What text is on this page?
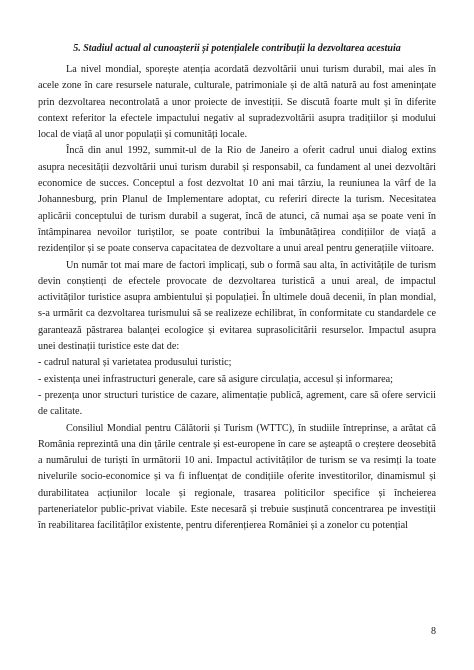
5. Stadiul actual al cunoașterii și potențialele contribuții la dezvoltarea acestuia

La nivel mondial, sporește atenția acordată dezvoltării unui turism durabil, mai ales în acele zone în care resursele naturale, culturale, patrimoniale și de altă natură au fost amenințate prin dezvoltarea necontrolată a unor proiecte de investiții. Se discută foarte mult și în diferite context referitor la efectele impactului negativ al supradezvoltării asupra tradițiilor și modului local de viață al unor populații și comunități locale.

Încă din anul 1992, summit-ul de la Rio de Janeiro a oferit cadrul unui dialog extins asupra necesității dezvoltării unui turism durabil și responsabil, ca fundament al unei dezvoltări economice de succes. Conceptul a fost dezvoltat 10 ani mai târziu, la reuniunea la vârf de la Johannesburg, prin Planul de Implementare adoptat, cu referiri directe la turism. Necesitatea aplicării conceptului de turism durabil a sugerat, încă de atunci, că numai așa se poate veni în întâmpinarea nevoilor turiștilor, se poate contribui la îmbunătățirea condițiilor de viață a rezidenților și se poate conserva capacitatea de dezvoltare a unui areal pentru generațiile viitoare.

Un număr tot mai mare de factori implicați, sub o formă sau alta, în activitățile de turism devin conștienți de efectele provocate de dezvoltarea turistică a unui areal, de impactul activităților turistice asupra ambientului și populației. În ultimele două decenii, în plan mondial, s-a urmărit ca dezvoltarea turismului să se realizeze echilibrat, în conformitate cu standardele ce garantează păstrarea balanței ecologice și evitarea suprasolicitării resurselor. Impactul asupra unei destinații turistice este dat de:

- cadrul natural și varietatea produsului turistic;

- existența unei infrastructuri generale, care să asigure circulația, accesul și informarea;

- prezența unor structuri turistice de cazare, alimentație publică, agrement, care să ofere servicii de calitate.

Consiliul Mondial pentru Călătorii și Turism (WTTC), în studiile întreprinse, a arătat că România reprezintă una din țările centrale și est-europene în care se așteaptă o creștere deosebită a numărului de turiști în următorii 10 ani. Impactul activităților de turism se va resimți la toate nivelurile socio-economice și va fi influențat de condițiile oferite investitorilor, dinamismul și durabilitatea acțiunilor locale și regionale, trasarea politicilor specifice și încheierea parteneriatelor public-privat viabile. Este necesară și trebuie susținută concentrarea pe investiții în reabilitarea facilităților existente, pentru diferențierea României și a zonelor cu potențial

8
